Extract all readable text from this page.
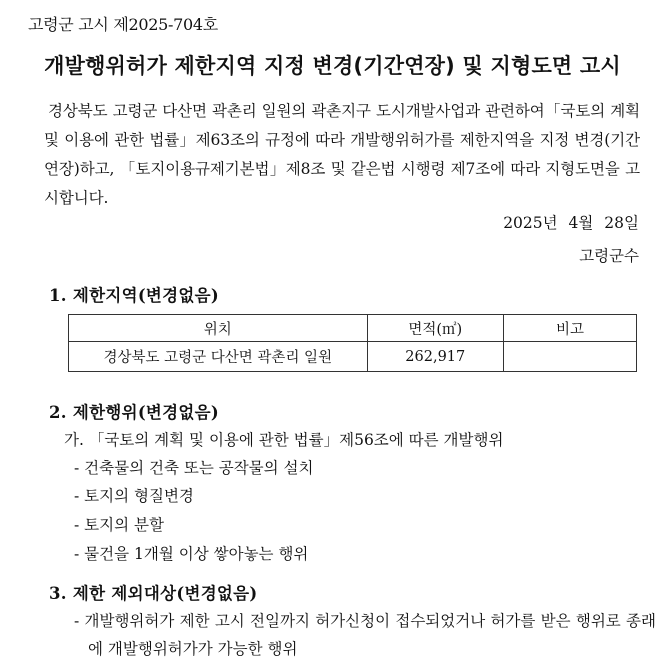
고령군 고시 제2025-704호
개발행위허가 제한지역 지정 변경(기간연장) 및 지형도면 고시
경상북도 고령군 다산면 곽촌리 일원의 곽촌지구 도시개발사업과 관련하여「국토의 계획 및 이용에 관한 법률」제63조의 규정에 따라 개발행위허가를 제한지역을 지정 변경(기간연장)하고, 「토지이용규제기본법」제8조 및 같은법 시행령 제7조에 따라 지형도면을 고시합니다.
2025년 4월 28일
고령군수
1. 제한지역(변경없음)
위치	면적(㎡)	비고
경상북도 고령군 다산면 곽촌리 일원	262,917	
2. 제한행위(변경없음)
가. 「국토의 계획 및 이용에 관한 법률」제56조에 따른 개발행위
- 건축물의 건축 또는 공작물의 설치
- 토지의 형질변경
- 토지의 분할
- 물건을 1개월 이상 쌓아놓는 행위
3. 제한 제외대상(변경없음)
- 개발행위허가 제한 고시 전일까지 허가신청이 접수되었거나 허가를 받은 행위로 종래에 개발행위허가가 가능한 행위
